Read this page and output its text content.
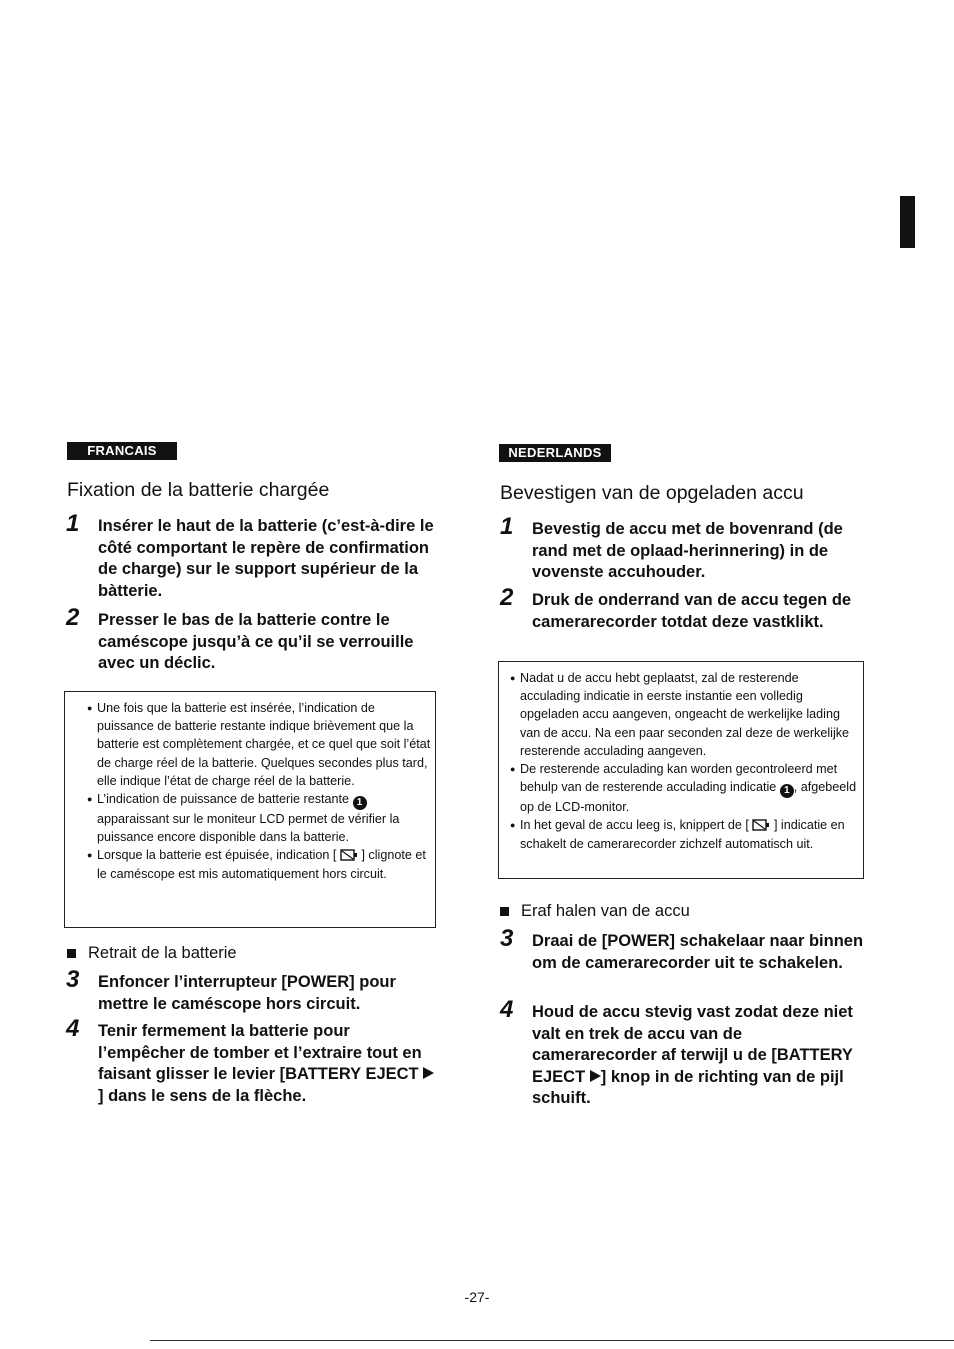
FRANCAIS
Fixation de la batterie chargée
1	Insérer le haut de la batterie (c’est-à-dire le côté comportant le repère de confirmation de charge) sur le support supérieur de la bàtterie.
2	Presser le bas de la batterie contre le caméscope jusqu’à ce qu’il se verrouille avec un déclic.
● Une fois que la batterie est insérée, l’indication de puissance de batterie restante indique brièvement que la batterie est complètement chargée, et ce quel que soit l’état de charge réel de la batterie. Quelques secondes plus tard, elle indique l’état de charge réel de la batterie.
● L’indication de puissance de batterie restante 1 apparaissant sur le moniteur LCD permet de vérifier la puissance encore disponible dans la batterie.
● Lorsque la batterie est épuisée, indication [ ] clignote et le caméscope est mis automatiquement hors circuit.
Retrait de la batterie
3	Enfoncer l’interrupteur [POWER] pour mettre le caméscope hors circuit.
4	Tenir fermement la batterie pour l’empêcher de tomber et l’extraire tout en faisant glisser le levier [BATTERY EJECT ] dans le sens de la flèche.
NEDERLANDS
Bevestigen van de opgeladen accu
1	Bevestig de accu met de bovenrand (de rand met de oplaad-herinnering) in de vovenste accuhouder.
2	Druk de onderrand van de accu tegen de camerarecorder totdat deze vastklikt.
● Nadat u de accu hebt geplaatst, zal de resterende acculading indicatie in eerste instantie een volledig opgeladen accu aangeven, ongeacht de werkelijke lading van de accu. Na een paar seconden zal deze de werkelijke resterende acculading aangeven.
● De resterende acculading kan worden gecontroleerd met behulp van de resterende acculading indicatie 1 , afgebeeld op de LCD-monitor.
● In het geval de accu leeg is, knippert de [ ] indicatie en schakelt de camerarecorder zichzelf automatisch uit.
Eraf halen van de accu
3	Draai de [POWER] schakelaar naar binnen om de camerarecorder uit te schakelen.
4	Houd de accu stevig vast zodat deze niet valt en trek de accu van de camerarecorder af terwijl u de [BATTERY EJECT ] knop in de richting van de pijl schuift.
-27-
